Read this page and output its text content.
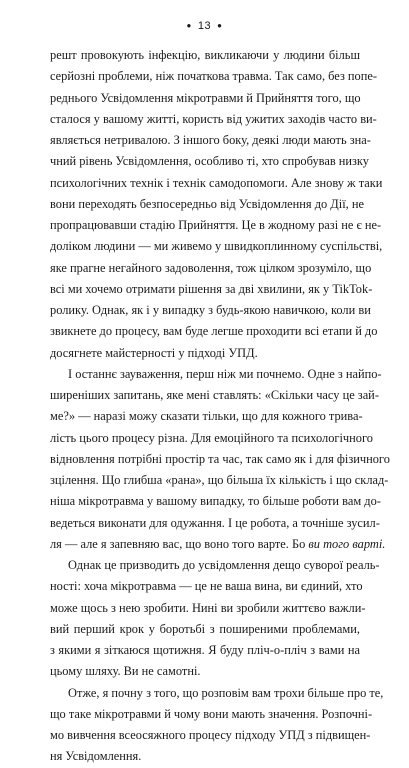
● 13 ●
решт провокують інфекцію, викликаючи у людини більш
серйозні проблеми, ніж початкова травма. Так само, без попе-
реднього Усвідомлення мікротравми й Прийняття того, що
сталося у вашому житті, користь від ужитих заходів часто ви-
являється нетривалою. З іншого боку, деякі люди мають зна-
чний рівень Усвідомлення, особливо ті, хто спробував низку
психологічних технік і технік самодопомоги. Але знову ж таки
вони переходять безпосередньо від Усвідомлення до Дії, не
пропрацювавши стадію Прийняття. Це в жодному разі не є не-
доліком людини — ми живемо у швидкоплинному суспільстві,
яке прагне негайного задоволення, тож цілком зрозуміло, що
всі ми хочемо отримати рішення за дві хвилини, як у TikTok-
ролику. Однак, як і у випадку з будь-якою навичкою, коли ви
звикнете до процесу, вам буде легше проходити всі етапи й до
досягнете майстерності у підході УПД.
І останнє зауваження, перш ніж ми почнемо. Одне з найпо-
ширеніших запитань, яке мені ставлять: «Скільки часу це зай-
ме?» — наразі можу сказати тільки, що для кожного трива-
лість цього процесу різна. Для емоційного та психологічного
відновлення потрібні простір та час, так само як і для фізичного
зцілення. Що глибша «рана», що більша їх кількість і що склад-
ніша мікротравма у вашому випадку, то більше роботи вам до-
ведеться виконати для одужання. І це робота, а точніше зусил-
ля — але я запевняю вас, що воно того варте. Бо ви того варті.
Однак це призводить до усвідомлення дещо суворої реаль-
ності: хоча мікротравма — це не ваша вина, ви єдиний, хто
може щось з нею зробити. Нині ви зробили життєво важли-
вий перший крок у боротьбі з поширеними проблемами,
з якими я зіткаюся щотижня. Я буду пліч-о-пліч з вами на
цьому шляху. Ви не самотні.
Отже, я почну з того, що розповім вам трохи більше про те,
що таке мікротравми й чому вони мають значення. Розпочні-
мо вивчення всеосяжного процесу підходу УПД з підвищен-
ня Усвідомлення.
